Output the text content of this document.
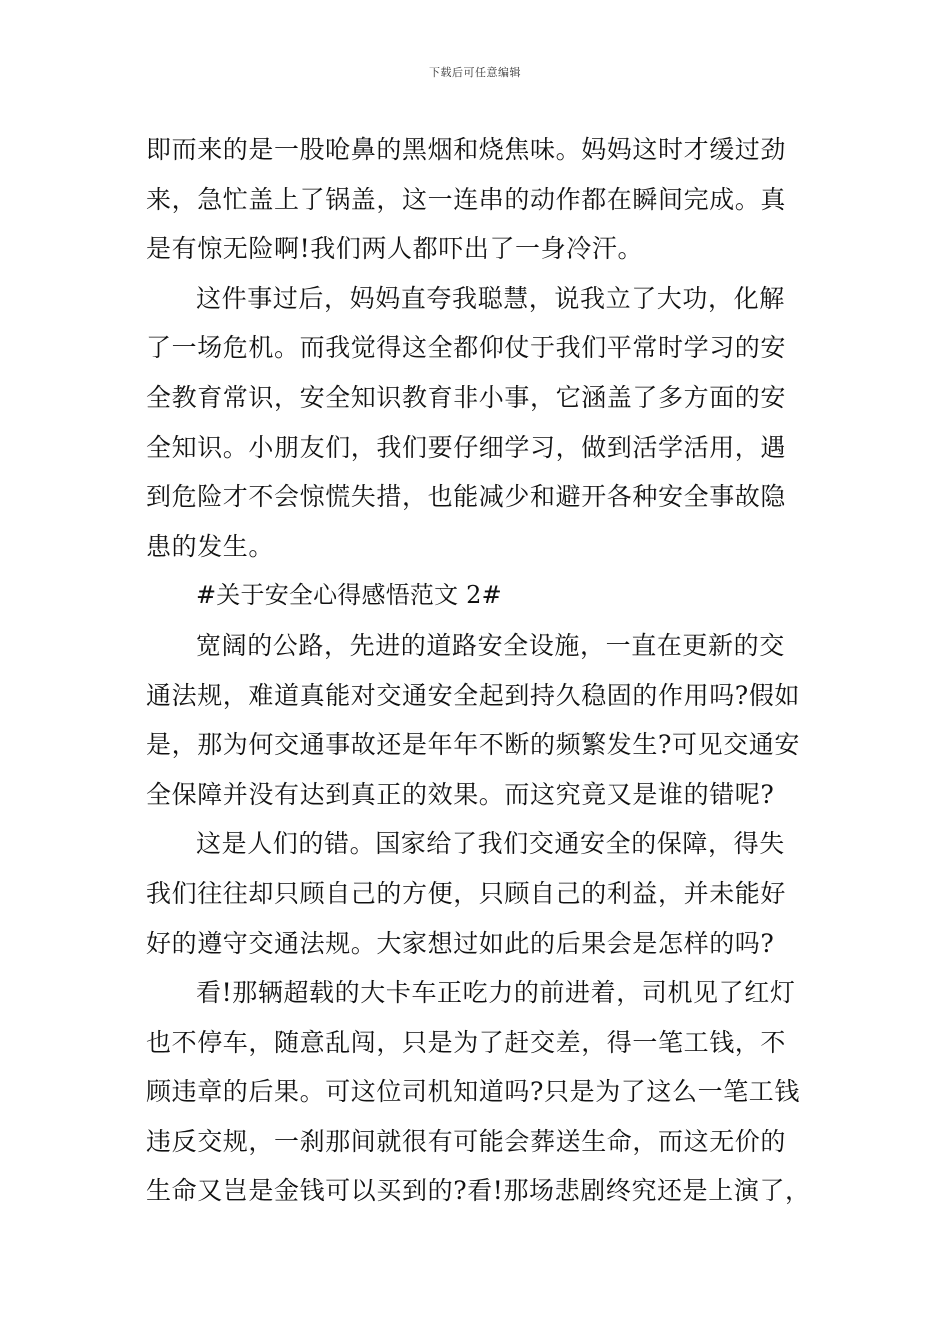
下载后可任意编辑

即而来的是一股呛鼻的黑烟和烧焦味。妈妈这时才缓过劲
来，急忙盖上了锅盖，这一连串的动作都在瞬间完成。真
是有惊无险啊!我们两人都吓出了一身冷汗。

这件事过后，妈妈直夸我聪慧，说我立了大功，化解
了一场危机。而我觉得这全都仰仗于我们平常时学习的安
全教育常识，安全知识教育非小事，它涵盖了多方面的安
全知识。小朋友们，我们要仔细学习，做到活学活用，遇
到危险才不会惊慌失措，也能减少和避开各种安全事故隐
患的发生。

#关于安全心得感悟范文 2#

宽阔的公路，先进的道路安全设施，一直在更新的交
通法规，难道真能对交通安全起到持久稳固的作用吗?假如
是，那为何交通事故还是年年不断的频繁发生?可见交通安
全保障并没有达到真正的效果。而这究竟又是谁的错呢?

这是人们的错。国家给了我们交通安全的保障，得失
我们往往却只顾自己的方便，只顾自己的利益，并未能好
好的遵守交通法规。大家想过如此的后果会是怎样的吗?

看!那辆超载的大卡车正吃力的前进着，司机见了红灯
也不停车，随意乱闯，只是为了赶交差，得一笔工钱，不
顾违章的后果。可这位司机知道吗?只是为了这么一笔工钱
违反交规，一刹那间就很有可能会葬送生命，而这无价的
生命又岂是金钱可以买到的?看!那场悲剧终究还是上演了，
